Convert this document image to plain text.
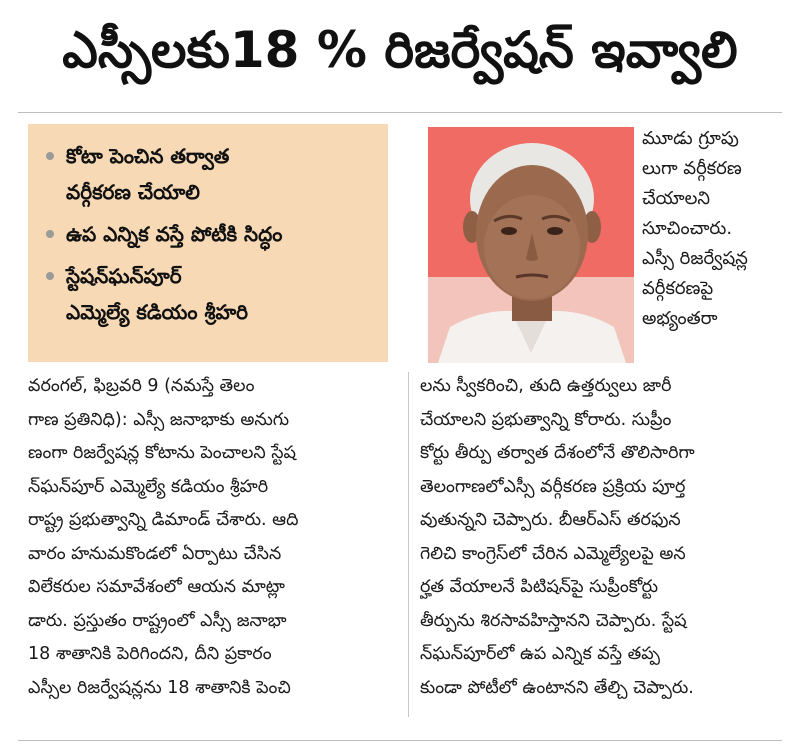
ఎస్సీలకు18 % రిజర్వేషన్ ఇవ్వాలి
కోటా పెంచిన తర్వాత
వర్గీకరణ చేయాలి
ఉప ఎన్నిక వస్తే పోటీకి సిద్ధం
స్టేషన్‌ఘన్‌పూర్
ఎమ్మెల్యే కడియం శ్రీహరి
మూడు గ్రూపు
లుగా వర్గీకరణ
చేయాలని
సూచించారు.
ఎస్సీ రిజర్వేషన్ల
వర్గీకరణపై
అభ్యంతరా
వరంగల్, ఫిబ్రవరి 9 (నమస్తే తెలం
గాణ ప్రతినిధి): ఎస్సీ జనాభాకు అనుగు
ణంగా రిజర్వేషన్ల కోటాను పెంచాలని స్టేష
న్‌ఘన్‌పూర్ ఎమ్మెల్యే కడియం శ్రీహరి
రాష్ట్ర ప్రభుత్వాన్ని డిమాండ్ చేశారు. ఆది
వారం హనుమకొండలో ఏర్పాటు చేసిన
విలేకరుల సమావేశంలో ఆయన మాట్లా
డారు. ప్రస్తుతం రాష్ట్రంలో ఎస్సీ జనాభా
18 శాతానికి పెరిగిందని, దీని ప్రకారం
ఎస్సీల రిజర్వేషన్లను 18 శాతానికి పెంచి
లను స్వీకరించి, తుది ఉత్తర్వులు జారీ
చేయాలని ప్రభుత్వాన్ని కోరారు. సుప్రీం
కోర్టు తీర్పు తర్వాత దేశంలోనే తొలిసారిగా
తెలంగాణలోఎస్సీ వర్గీకరణ ప్రక్రియ పూర్త
వుతున్నని చెప్పారు. బీఆర్ఎస్ తరఫున
గెలిచి కాంగ్రెస్‌లో చేరిన ఎమ్మెల్యేలపై అన
ర్హత వేయాలనే పిటిషన్‌పై సుప్రీంకోర్టు
తీర్పును శిరసావహిస్తానని చెప్పారు. స్టేష
న్‌ఘన్‌పూర్‌లో ఉప ఎన్నిక వస్తే తప్ప
కుండా పోటీలో ఉంటానని తేల్చి చెప్పారు.
